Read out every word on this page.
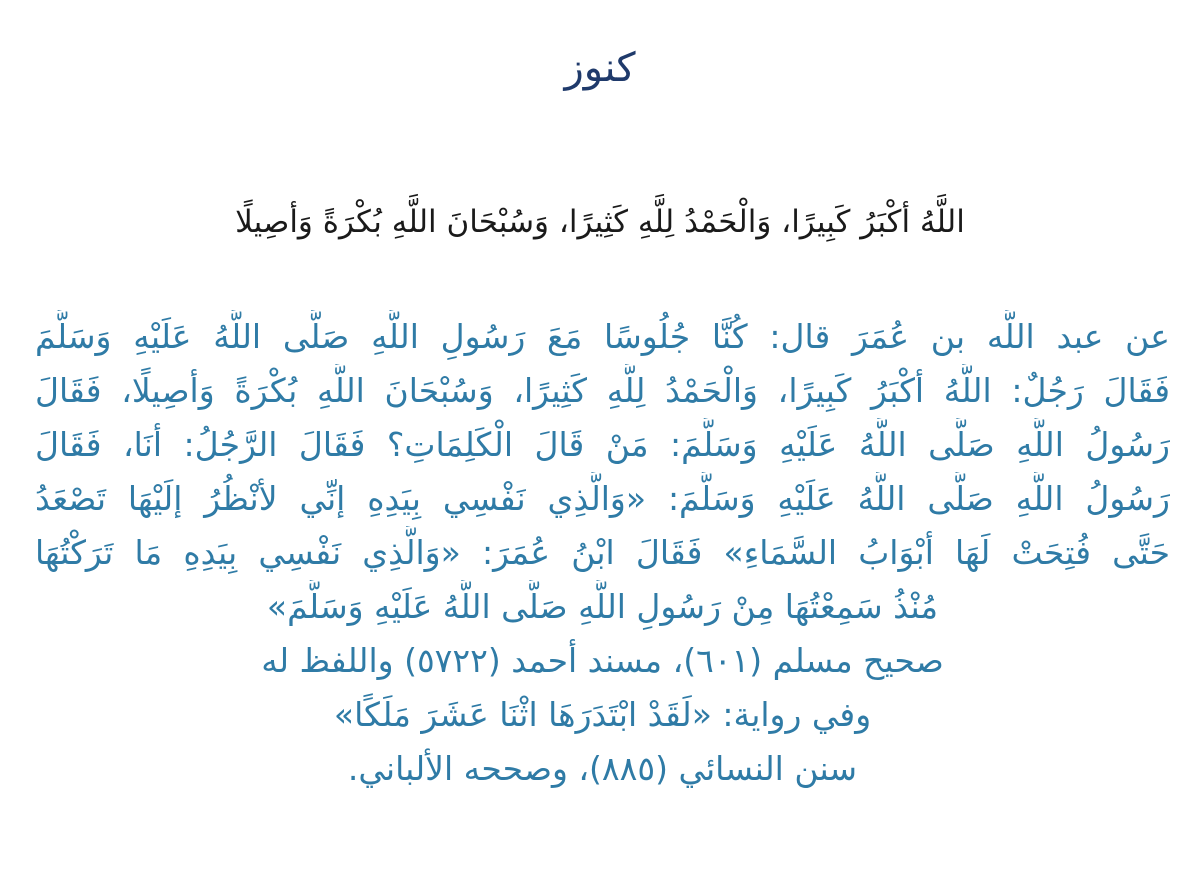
كنوز

اللَّهُ أكْبَرُ كَبِيرًا، وَالْحَمْدُ لِلَّهِ كَثِيرًا، وَسُبْحَانَ اللَّهِ بُكْرَةً وَأصِيلًا

عن عبد اللَّه بن عُمَرَ قال: كُنَّا جُلُوسًا مَعَ رَسُولِ اللَّهِ صَلَّى اللَّهُ عَلَيْهِ وَسَلَّمَ
فَقَالَ رَجُلٌ: اللَّهُ أكْبَرُ كَبِيرًا، وَالْحَمْدُ لِلَّهِ كَثِيرًا، وَسُبْحَانَ اللَّهِ بُكْرَةً وَأصِيلًا، فَقَالَ
رَسُولُ اللَّهِ صَلَّى اللَّهُ عَلَيْهِ وَسَلَّمَ: مَنْ قَالَ الْكَلِمَاتِ؟ فَقَالَ الرَّجُلُ: أنَا، فَقَالَ
رَسُولُ اللَّهِ صَلَّى اللَّهُ عَلَيْهِ وَسَلَّمَ: «وَالَّذِي نَفْسِي بِيَدِهِ إنِّي لأنْظُرُ إلَيْهَا تَصْعَدُ
حَتَّى فُتِحَتْ لَهَا أبْوَابُ السَّمَاءِ» فَقَالَ ابْنُ عُمَرَ: «وَالَّذِي نَفْسِي بِيَدِهِ مَا تَرَكْتُهَا
مُنْذُ سَمِعْتُهَا مِنْ رَسُولِ اللَّهِ صَلَّى اللَّهُ عَلَيْهِ وَسَلَّمَ»
صحيح مسلم (٦٠١)، مسند أحمد (٥٧٢٢) واللفظ له
وفي رواية: «لَقَدْ ابْتَدَرَهَا اثْنَا عَشَرَ مَلَكًا»
سنن النسائي (٨٨٥)، وصححه الألباني.
